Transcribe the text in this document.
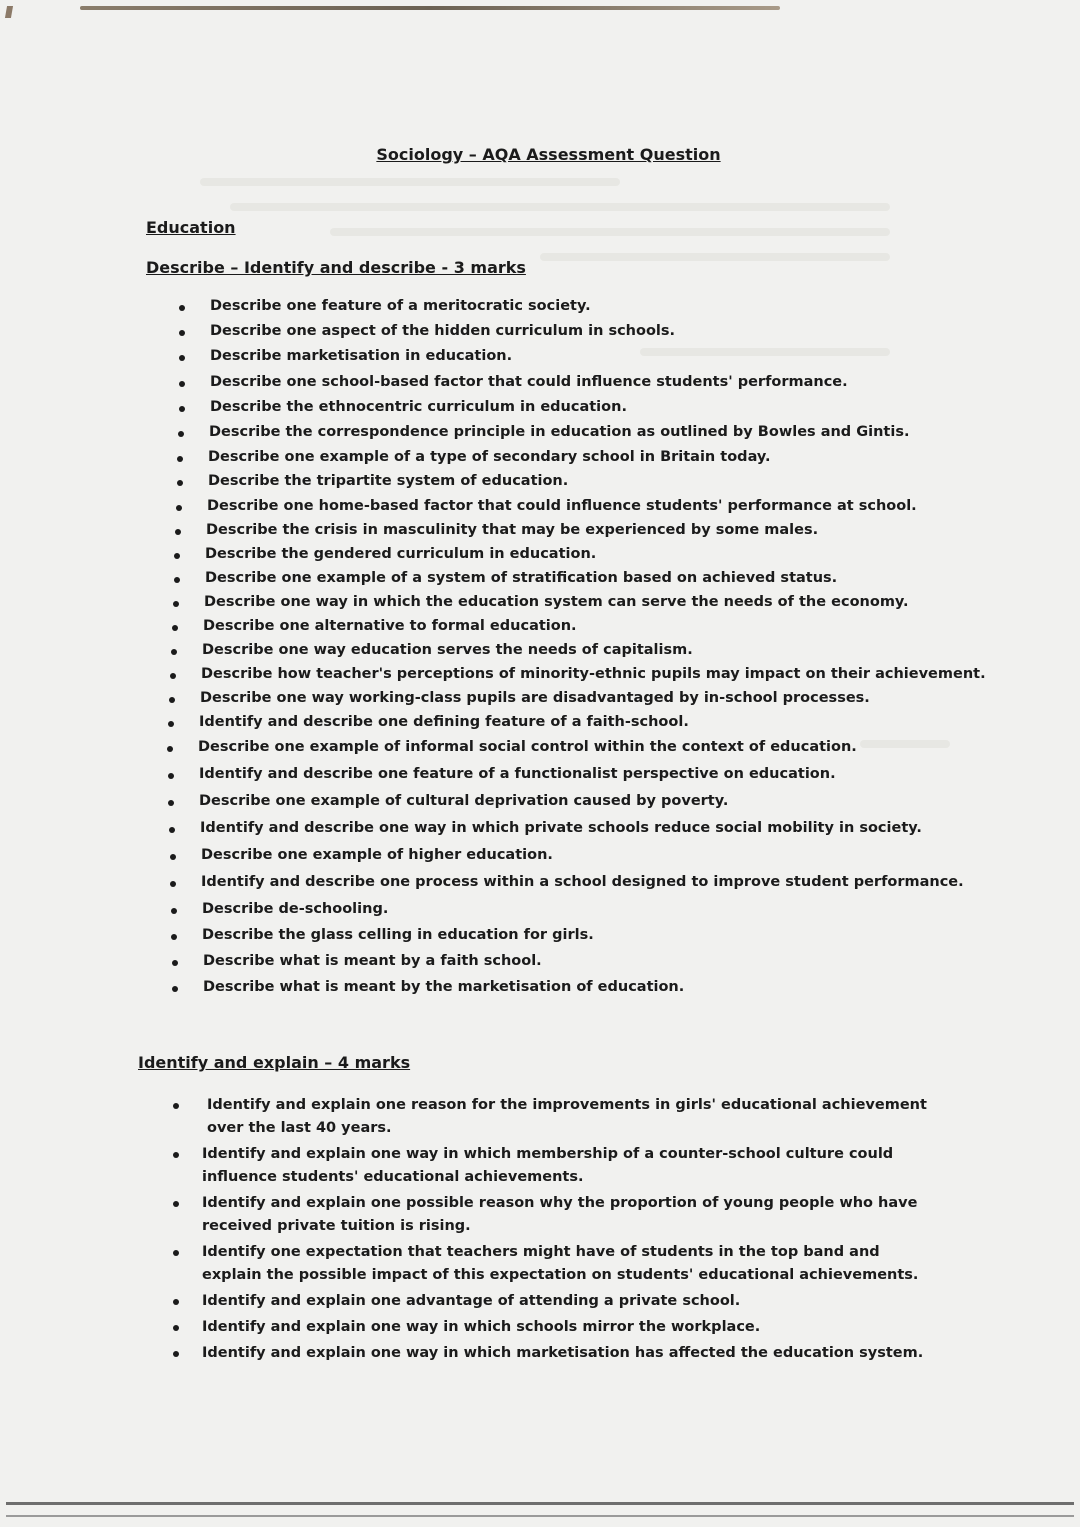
Sociology – AQA Assessment Question
Education
Describe – Identify and describe - 3 marks
Describe one feature of a meritocratic society.
Describe one aspect of the hidden curriculum in schools.
Describe marketisation in education.
Describe one school-based factor that could influence students' performance.
Describe the ethnocentric curriculum in education.
Describe the correspondence principle in education as outlined by Bowles and Gintis.
Describe one example of a type of secondary school in Britain today.
Describe the tripartite system of education.
Describe one home-based factor that could influence students' performance at school.
Describe the crisis in masculinity that may be experienced by some males.
Describe the gendered curriculum in education.
Describe one example of a system of stratification based on achieved status.
Describe one way in which the education system can serve the needs of the economy.
Describe one alternative to formal education.
Describe one way education serves the needs of capitalism.
Describe how teacher's perceptions of minority-ethnic pupils may impact on their achievement.
Describe one way working-class pupils are disadvantaged by in-school processes.
Identify and describe one defining feature of a faith-school.
Describe one example of informal social control within the context of education.
Identify and describe one feature of a functionalist perspective on education.
Describe one example of cultural deprivation caused by poverty.
Identify and describe one way in which private schools reduce social mobility in society.
Describe one example of higher education.
Identify and describe one process within a school designed to improve student performance.
Describe de-schooling.
Describe the glass celling in education for girls.
Describe what is meant by a faith school.
Describe what is meant by the marketisation of education.
Identify and explain – 4 marks
Identify and explain one reason for the improvements in girls' educational achievement over the last 40 years.
Identify and explain one way in which membership of a counter-school culture could influence students' educational achievements.
Identify and explain one possible reason why the proportion of young people who have received private tuition is rising.
Identify one expectation that teachers might have of students in the top band and explain the possible impact of this expectation on students' educational achievements.
Identify and explain one advantage of attending a private school.
Identify and explain one way in which schools mirror the workplace.
Identify and explain one way in which marketisation has affected the education system.
